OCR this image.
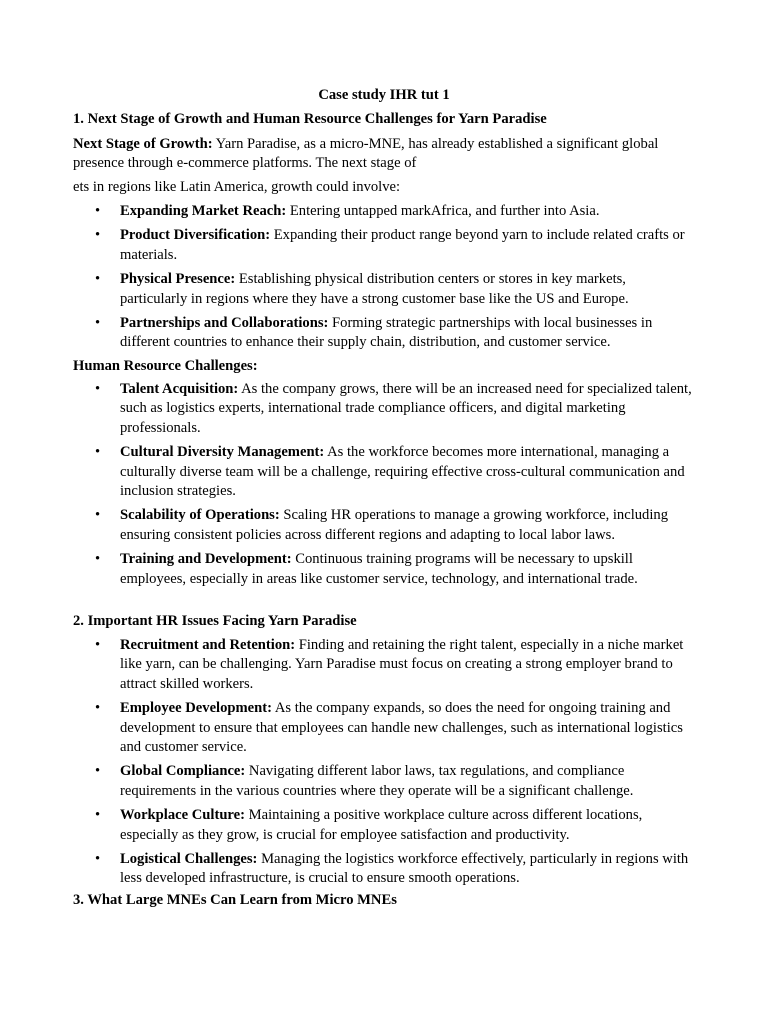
Case study IHR tut 1
1. Next Stage of Growth and Human Resource Challenges for Yarn Paradise
Next Stage of Growth: Yarn Paradise, as a micro-MNE, has already established a significant global presence through e-commerce platforms. The next stage of
ets in regions like Latin America, growth could involve:
• Expanding Market Reach: Entering untapped markAfrica, and further into Asia.
• Product Diversification: Expanding their product range beyond yarn to include related crafts or materials.
• Physical Presence: Establishing physical distribution centers or stores in key markets, particularly in regions where they have a strong customer base like the US and Europe.
• Partnerships and Collaborations: Forming strategic partnerships with local businesses in different countries to enhance their supply chain, distribution, and customer service.
Human Resource Challenges:
• Talent Acquisition: As the company grows, there will be an increased need for specialized talent, such as logistics experts, international trade compliance officers, and digital marketing professionals.
• Cultural Diversity Management: As the workforce becomes more international, managing a culturally diverse team will be a challenge, requiring effective cross-cultural communication and inclusion strategies.
• Scalability of Operations: Scaling HR operations to manage a growing workforce, including ensuring consistent policies across different regions and adapting to local labor laws.
• Training and Development: Continuous training programs will be necessary to upskill employees, especially in areas like customer service, technology, and international trade.
2. Important HR Issues Facing Yarn Paradise
• Recruitment and Retention: Finding and retaining the right talent, especially in a niche market like yarn, can be challenging. Yarn Paradise must focus on creating a strong employer brand to attract skilled workers.
• Employee Development: As the company expands, so does the need for ongoing training and development to ensure that employees can handle new challenges, such as international logistics and customer service.
• Global Compliance: Navigating different labor laws, tax regulations, and compliance requirements in the various countries where they operate will be a significant challenge.
• Workplace Culture: Maintaining a positive workplace culture across different locations, especially as they grow, is crucial for employee satisfaction and productivity.
• Logistical Challenges: Managing the logistics workforce effectively, particularly in regions with less developed infrastructure, is crucial to ensure smooth operations.
3. What Large MNEs Can Learn from Micro MNEs
